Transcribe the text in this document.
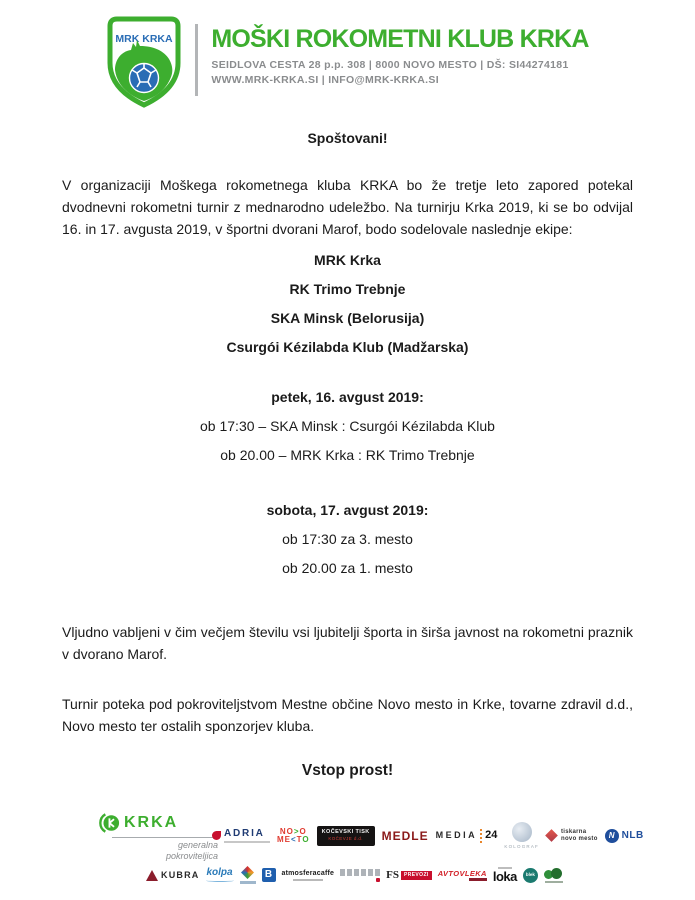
MRK KRKA MOŠKI ROKOMETNI KLUB KRKA
SEIDLOVA CESTA 28 p.p. 308 | 8000 NOVO MESTO | DŠ: SI44274181
WWW.MRK-KRKA.SI | INFO@MRK-KRKA.SI

Spoštovani!

V organizaciji Moškega rokometnega kluba KRKA bo že tretje leto zapored potekal dvodnevni rokometni turnir z mednarodno udeležbo. Na turnirju Krka 2019, ki se bo odvijal 16. in 17. avgusta 2019, v športni dvorani Marof, bodo sodelovale naslednje ekipe:

MRK Krka

RK Trimo Trebnje

SKA Minsk (Belorusija)

Csurgói Kézilabda Klub (Madžarska)

petek, 16. avgust 2019:

ob 17:30 – SKA Minsk : Csurgói Kézilabda Klub

ob 20.00 – MRK Krka : RK Trimo Trebnje

sobota, 17. avgust 2019:

ob 17:30 za 3. mesto

ob 20.00 za 1. mesto

Vljudno vabljeni v čim večjem številu vsi ljubitelji športa in širša javnost na rokometni praznik v dvorano Marof.

Turnir poteka pod pokroviteljstvom Mestne občine Novo mesto in Krke, tovarne zdravil d.d., Novo mesto ter ostalih sponzorjev kluba.

Vstop prost!

KRKA
generalna
pokroviteljica
ADRIA	NO>O
ME<TO
KOČEVSKI TISK
KOČEVJE d.d. MEDLE MEDIA 24
KOLOGRAF
tiskarna
novo mesto	N NLB
KUBRA kolpa	B	atmosferacaffe	FS	PREVOZI	AVTOVLEKA loka	blek
